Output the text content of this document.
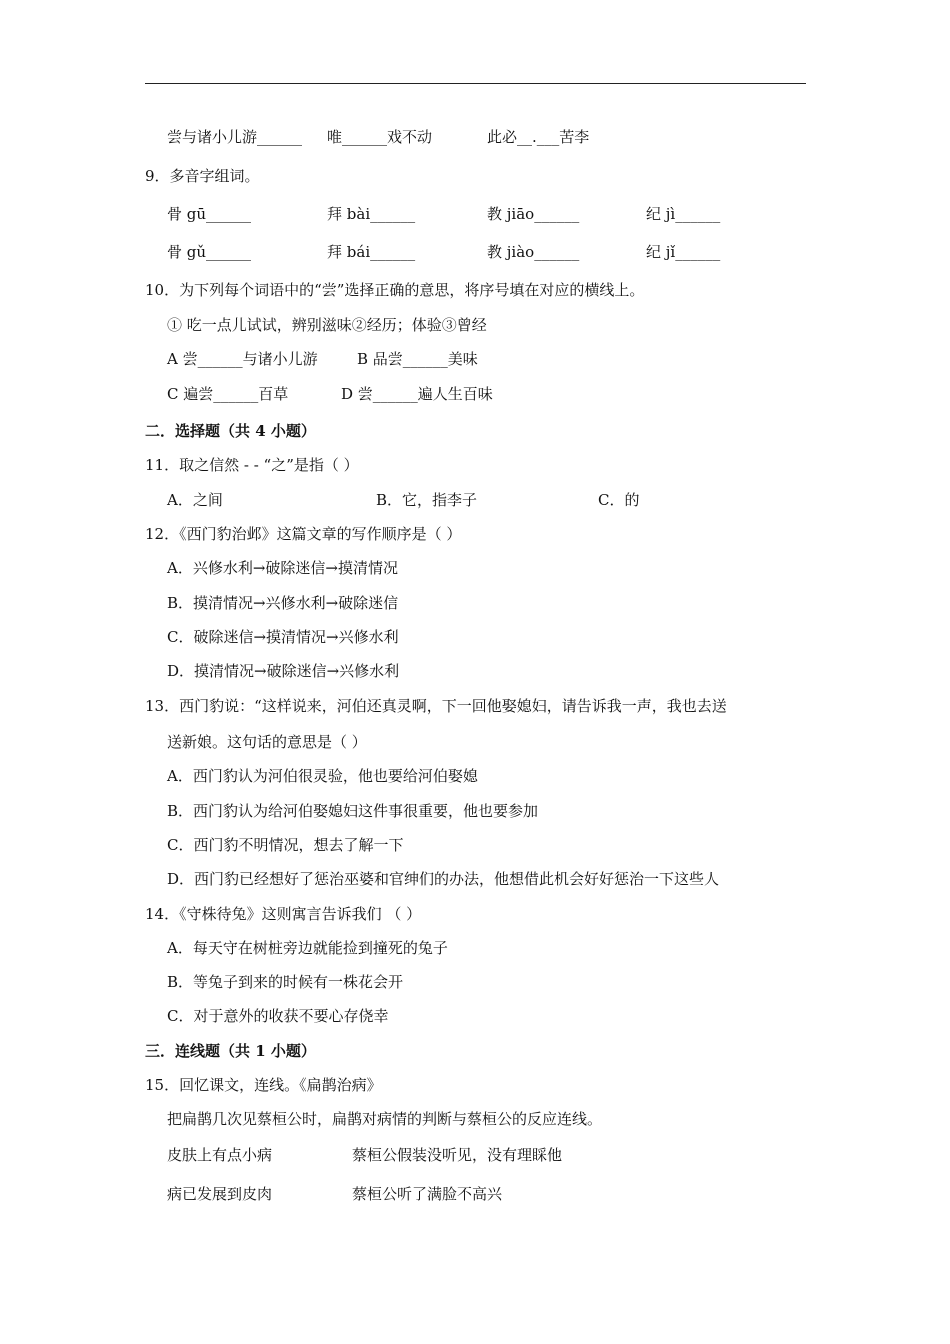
尝与诸小儿游______ 唯______戏不动	此必__.___苦李
9．多音字组词。
骨 gū______	拜 bài______	教 jiāo______	纪 jì______
骨 gǔ______	拜 bái______	教 jiào______	纪 jǐ______
10．为下列每个词语中的“尝”选择正确的意思，将序号填在对应的横线上。
① 吃一点儿试试，辨别滋味②经历；体验③曾经
A 尝______与诸小儿游	B 品尝______美味
C 遍尝______百草	D 尝______遍人生百味
二．选择题（共 4 小题）
11．取之信然 - - “之”是指（ ）
A．之间	B．它，指李子	C．的
12．《西门豹治邺》这篇文章的写作顺序是（ ）
A．兴修水利→破除迷信→摸清情况
B．摸清情况→兴修水利→破除迷信
C．破除迷信→摸清情况→兴修水利
D．摸清情况→破除迷信→兴修水利
13．西门豹说：“这样说来，河伯还真灵啊，下一回他娶媳妇，请告诉我一声，我也去送
送新娘。这句话的意思是（ ）
A．西门豹认为河伯很灵验，他也要给河伯娶媳
B．西门豹认为给河伯娶媳妇这件事很重要，他也要参加
C．西门豹不明情况，想去了解一下
D．西门豹已经想好了惩治巫婆和官绅们的办法，他想借此机会好好惩治一下这些人
14．《守株待兔》这则寓言告诉我们 （ ）
A．每天守在树桩旁边就能捡到撞死的兔子
B．等兔子到来的时候有一株花会开
C．对于意外的收获不要心存侥幸
三．连线题（共 1 小题）
15．回忆课文，连线。《扁鹊治病》
把扁鹊几次见蔡桓公时，扁鹊对病情的判断与蔡桓公的反应连线。
皮肤上有点小病	蔡桓公假装没听见，没有理睬他
病已发展到皮肉	蔡桓公听了满脸不高兴
